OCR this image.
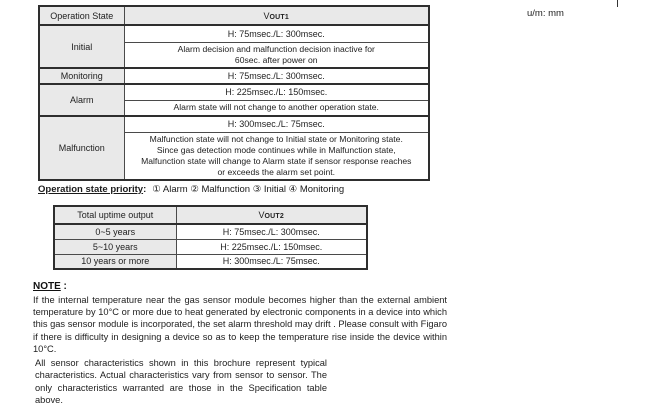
u/m: mm
Operation State	VOUT1
Initial	H: 75msec./L: 300msec.

	Alarm decision and malfunction decision inactive for
60sec. after power on

Monitoring	H: 75msec./L: 300msec.
Alarm	H: 225msec./L: 150msec.

	Alarm state will not change to another operation state.

Malfunction	H: 300msec./L: 75msec.

	Malfunction state will not change to Initial state or Monitoring state.
Since gas detection mode continues while in Malfunction state,
Malfunction state will change to Alarm state if sensor response reaches
or exceeds the alarm set point.
Operation state priority: ① Alarm ② Malfunction ③ Initial ④ Monitoring
Total uptime output	VOUT2
0~5 years	H: 75msec./L: 300msec.
5~10 years	H: 225msec./L: 150msec.
10 years or more	H: 300msec./L: 75msec.
NOTE :
If the internal temperature near the gas sensor module becomes higher than the external ambient temperature by 10°C or more due to heat generated by electronic components in a device into which this gas sensor module is incorporated, the set alarm threshold may drift . Please consult with Figaro if there is difficulty in designing a device so as to keep the temperature rise inside the device within 10°C.
All sensor characteristics shown in this brochure represent typical characteristics. Actual characteristics vary from sensor to sensor. The only characteristics warranted are those in the Specification table above.
